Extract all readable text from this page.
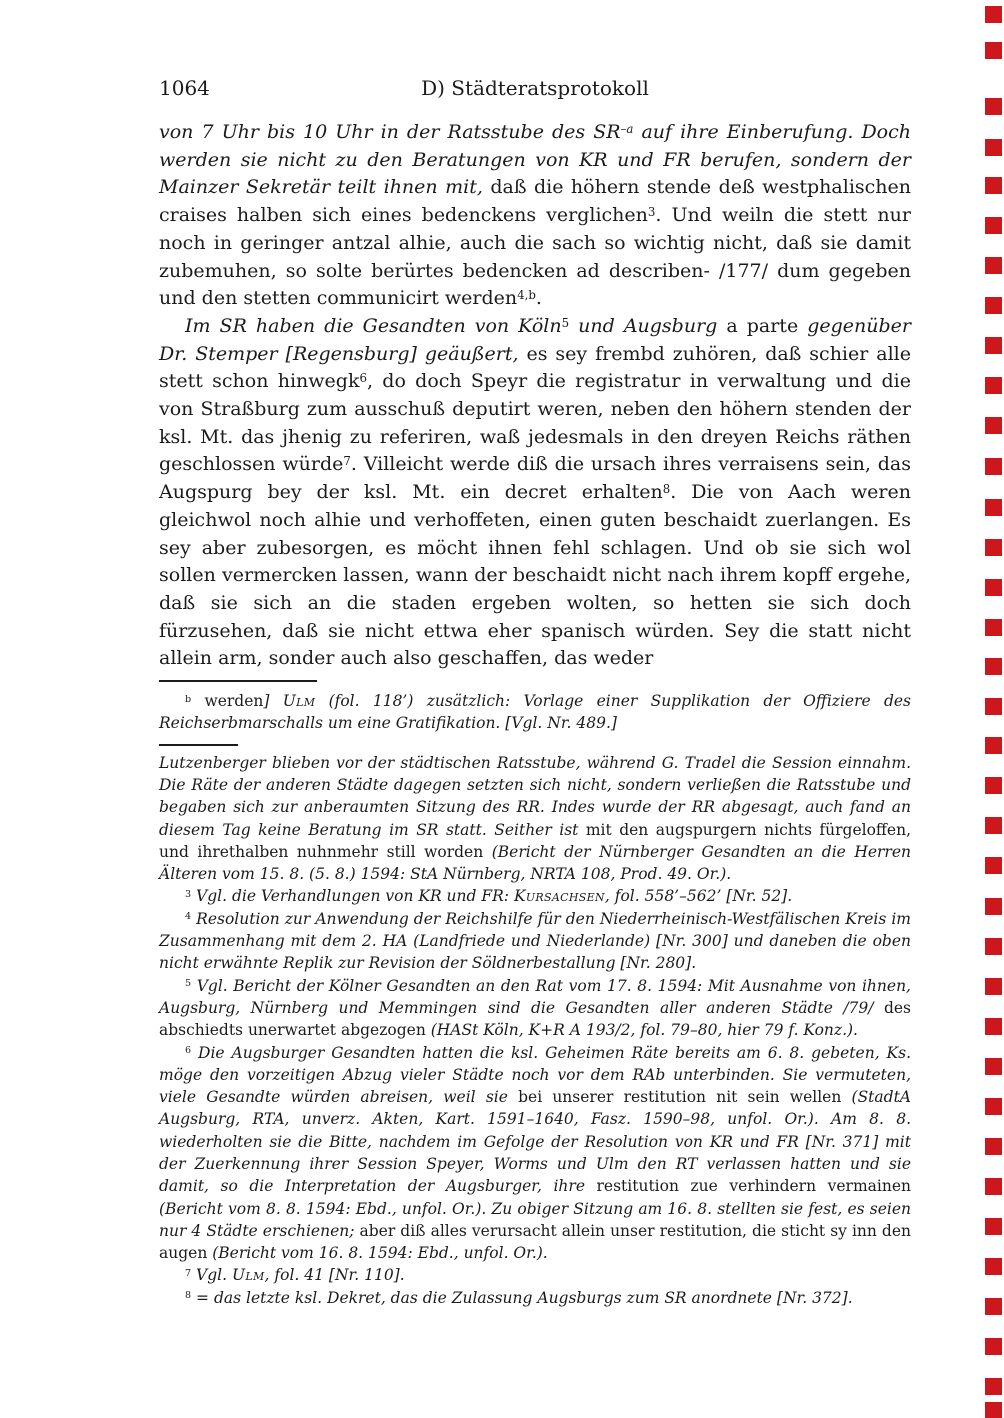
1064	D) Städteratsprotokoll

von 7 Uhr bis 10 Uhr in der Ratsstube des $SR^{-a}$ auf ihre Einberufung. Doch werden sie nicht zu den Beratungen von KR und FR berufen, sondern der Mainzer Sekretär teilt ihnen mit, daß die höhern stende deß westphalischen craises halben sich eines bedenckens verglichen$^3$. Und weiln die stett nur noch in geringer antzal alhie, auch die sach so wichtig nicht, daß sie damit zubemuhen, so solte berürtes bedencken ad describen- /177/ dum gegeben und den stetten communicirt werden$^{4,b}$.

Im SR haben die Gesandten von Köln$^5$ und Augsburg a parte gegenüber Dr. Stemper [Regensburg] geäußert, es sey frembd zuhören, daß schier alle stett schon hinwegk$^6$, do doch Speyr die registratur in verwaltung und die von Straßburg zum ausschuß deputirt weren, neben den höhern stenden der ksl. Mt. das jhenig zu referiren, waß jedesmals in den dreyen Reichs räthen geschlossen würde$^7$. Villeicht werde diß die ursach ihres verraisens sein, das Augspurg bey der ksl. Mt. ein decret erhalten$^8$. Die von Aach weren gleichwol noch alhie und verhoffeten, einen guten beschaidt zuerlangen. Es sey aber zubesorgen, es möcht ihnen fehl schlagen. Und ob sie sich wol sollen vermercken lassen, wann der beschaidt nicht nach ihrem kopff ergehe, daß sie sich an die staden ergeben wolten, so hetten sie sich doch fürzusehen, daß sie nicht ettwa eher spanisch würden. Sey die statt nicht allein arm, sonder auch also geschaffen, das weder

$^b$ werden] Ulm (fol. 118’) zusätzlich: Vorlage einer Supplikation der Offiziere des Reichserbmarschalls um eine Gratifikation. [Vgl. Nr. 489.]

Lutzenberger blieben vor der städtischen Ratsstube, während G. Tradel die Session einnahm. Die Räte der anderen Städte dagegen setzten sich nicht, sondern verließen die Ratsstube und begaben sich zur anberaumten Sitzung des RR. Indes wurde der RR abgesagt, auch fand an diesem Tag keine Beratung im SR statt. Seither ist mit den augspurgern nichts fürgeloffen, und ihrethalben nuhnmehr still worden (Bericht der Nürnberger Gesandten an die Herren Älteren vom 15. 8. (5. 8.) 1594: StA Nürnberg, NRTA 108, Prod. 49. Or.).

$^3$ Vgl. die Verhandlungen von KR und FR: Kursachsen, fol. 558’–562’ [Nr. 52].

$^4$ Resolution zur Anwendung der Reichshilfe für den Niederrheinisch-Westfälischen Kreis im Zusammenhang mit dem 2. HA (Landfriede und Niederlande) [Nr. 300] und daneben die oben nicht erwähnte Replik zur Revision der Söldnerbestallung [Nr. 280].

$^5$ Vgl. Bericht der Kölner Gesandten an den Rat vom 17. 8. 1594: Mit Ausnahme von ihnen, Augsburg, Nürnberg und Memmingen sind die Gesandten aller anderen Städte /79/ des abschiedts unerwartet abgezogen (HASt Köln, K+R A 193/2, fol. 79–80, hier 79 f. Konz.).

$^6$ Die Augsburger Gesandten hatten die ksl. Geheimen Räte bereits am 6. 8. gebeten, Ks. möge den vorzeitigen Abzug vieler Städte noch vor dem RAb unterbinden. Sie vermuteten, viele Gesandte würden abreisen, weil sie bei unserer restitution nit sein wellen (StadtA Augsburg, RTA, unverz. Akten, Kart. 1591–1640, Fasz. 1590–98, unfol. Or.). Am 8. 8. wiederholten sie die Bitte, nachdem im Gefolge der Resolution von KR und FR [Nr. 371] mit der Zuerkennung ihrer Session Speyer, Worms und Ulm den RT verlassen hatten und sie damit, so die Interpretation der Augsburger, ihre restitution zue verhindern vermainen (Bericht vom 8. 8. 1594: Ebd., unfol. Or.). Zu obiger Sitzung am 16. 8. stellten sie fest, es seien nur 4 Städte erschienen; aber diß alles verursacht allein unser restitution, die sticht sy inn den augen (Bericht vom 16. 8. 1594: Ebd., unfol. Or.).

$^7$ Vgl. Ulm, fol. 41 [Nr. 110].

$^8$ = das letzte ksl. Dekret, das die Zulassung Augsburgs zum SR anordnete [Nr. 372].
